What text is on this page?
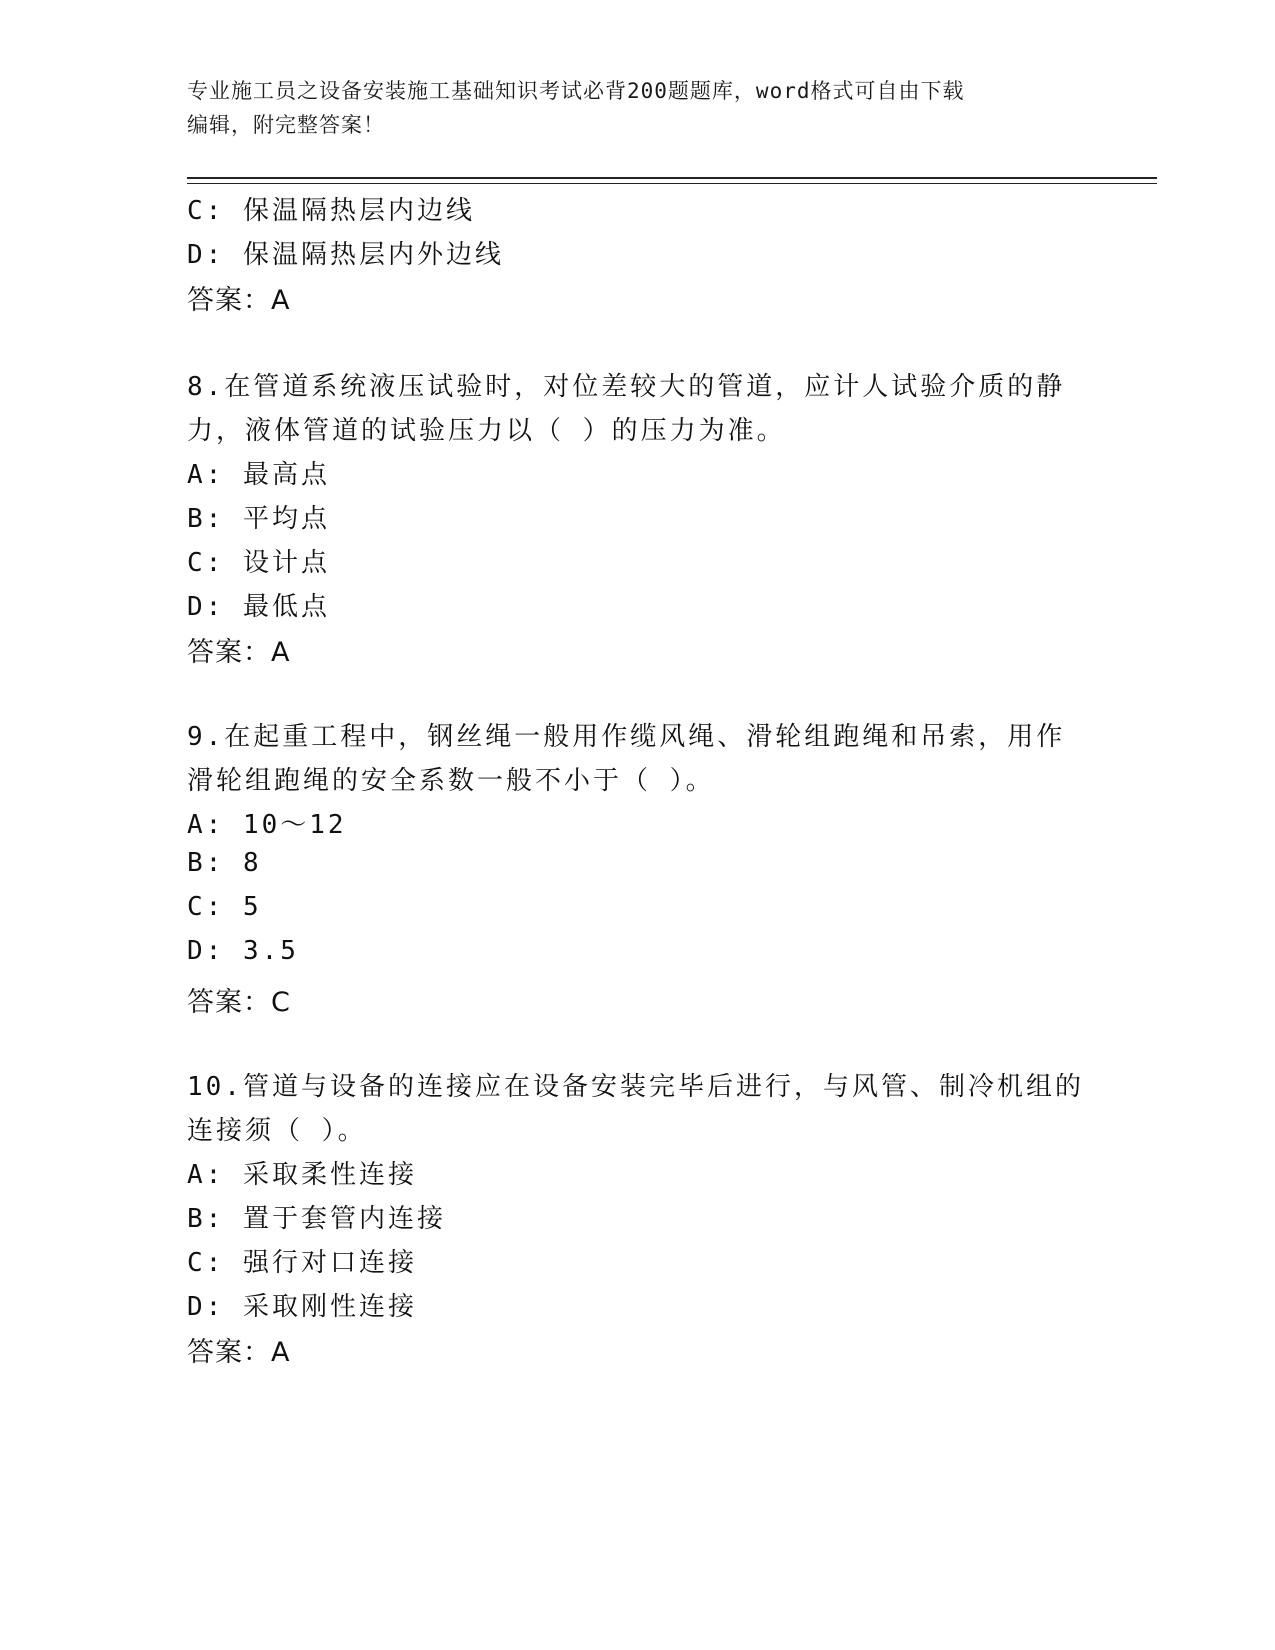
专业施工员之设备安装施工基础知识考试必背200题题库，word格式可自由下载
编辑，附完整答案！
C: 保温隔热层内边线
D: 保温隔热层内外边线
答案：A
8.在管道系统液压试验时，对位差较大的管道，应计人试验介质的静
力，液体管道的试验压力以（ ）的压力为准。
A: 最高点
B: 平均点
C: 设计点
D: 最低点
答案：A
9.在起重工程中，钢丝绳一般用作缆风绳、滑轮组跑绳和吊索，用作
滑轮组跑绳的安全系数一般不小于（ ）。
A: 10～12
B: 8
C: 5
D: 3.5
答案：C
10.管道与设备的连接应在设备安装完毕后进行，与风管、制冷机组的
连接须（ ）。
A: 采取柔性连接
B: 置于套管内连接
C: 强行对口连接
D: 采取刚性连接
答案：A
